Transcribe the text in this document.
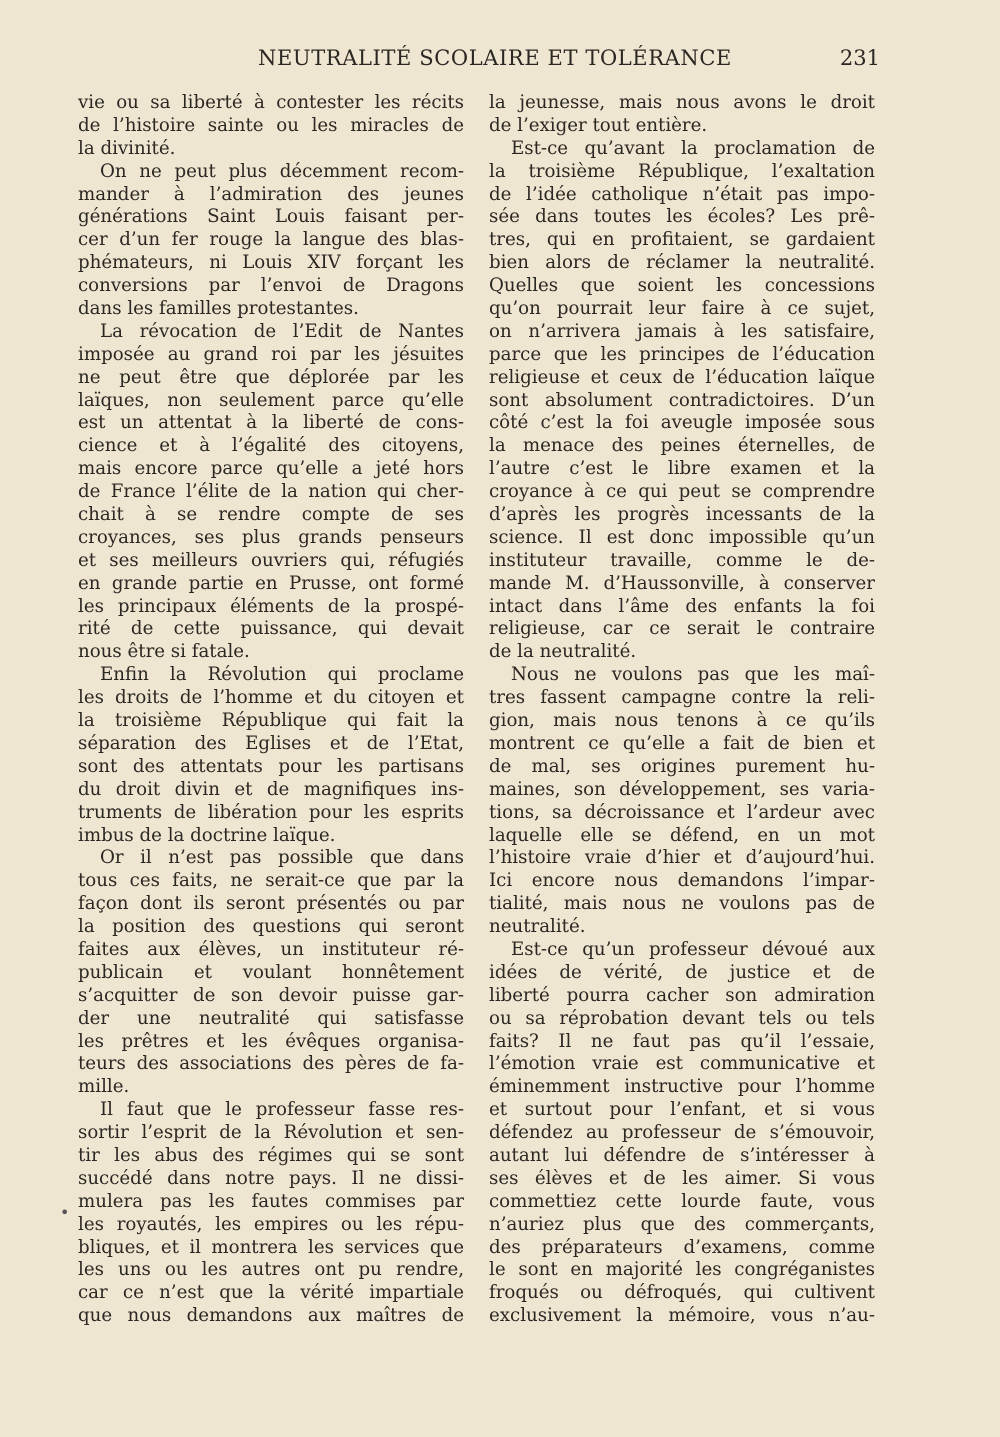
NEUTRALITÉ SCOLAIRE ET TOLÉRANCE	231
•
vie ou sa liberté à contester les récits
de l’histoire sainte ou les miracles de
la divinité.
On ne peut plus décemment recom-
mander à l’admiration des jeunes
générations Saint Louis faisant per-
cer d’un fer rouge la langue des blas-
phémateurs, ni Louis XIV forçant les
conversions par l’envoi de Dragons
dans les familles protestantes.
La révocation de l’Edit de Nantes
imposée au grand roi par les jésuites
ne peut être que déplorée par les
laïques, non seulement parce qu’elle
est un attentat à la liberté de cons-
cience et à l’égalité des citoyens,
mais encore parce qu’elle a jeté hors
de France l’élite de la nation qui cher-
chait à se rendre compte de ses
croyances, ses plus grands penseurs
et ses meilleurs ouvriers qui, réfugiés
en grande partie en Prusse, ont formé
les principaux éléments de la prospé-
rité de cette puissance, qui devait
nous être si fatale.
Enfin la Révolution qui proclame
les droits de l’homme et du citoyen et
la troisième République qui fait la
séparation des Eglises et de l’Etat,
sont des attentats pour les partisans
du droit divin et de magnifiques ins-
truments de libération pour les esprits
imbus de la doctrine laïque.
Or il n’est pas possible que dans
tous ces faits, ne serait-ce que par la
façon dont ils seront présentés ou par
la position des questions qui seront
faites aux élèves, un instituteur ré-
publicain et voulant honnêtement
s’acquitter de son devoir puisse gar-
der une neutralité qui satisfasse
les prêtres et les évêques organisa-
teurs des associations des pères de fa-
mille.
Il faut que le professeur fasse res-
sortir l’esprit de la Révolution et sen-
tir les abus des régimes qui se sont
succédé dans notre pays. Il ne dissi-
mulera pas les fautes commises par
les royautés, les empires ou les répu-
bliques, et il montrera les services que
les uns ou les autres ont pu rendre,
car ce n’est que la vérité impartiale
que nous demandons aux maîtres de
la jeunesse, mais nous avons le droit
de l’exiger tout entière.
Est-ce qu’avant la proclamation de
la troisième République, l’exaltation
de l’idée catholique n’était pas impo-
sée dans toutes les écoles? Les prê-
tres, qui en profitaient, se gardaient
bien alors de réclamer la neutralité.
Quelles que soient les concessions
qu’on pourrait leur faire à ce sujet,
on n’arrivera jamais à les satisfaire,
parce que les principes de l’éducation
religieuse et ceux de l’éducation laïque
sont absolument contradictoires. D’un
côté c’est la foi aveugle imposée sous
la menace des peines éternelles, de
l’autre c’est le libre examen et la
croyance à ce qui peut se comprendre
d’après les progrès incessants de la
science. Il est donc impossible qu’un
instituteur travaille, comme le de-
mande M. d’Haussonville, à conserver
intact dans l’âme des enfants la foi
religieuse, car ce serait le contraire
de la neutralité.
Nous ne voulons pas que les maî-
tres fassent campagne contre la reli-
gion, mais nous tenons à ce qu’ils
montrent ce qu’elle a fait de bien et
de mal, ses origines purement hu-
maines, son développement, ses varia-
tions, sa décroissance et l’ardeur avec
laquelle elle se défend, en un mot
l’histoire vraie d’hier et d’aujourd’hui.
Ici encore nous demandons l’impar-
tialité, mais nous ne voulons pas de
neutralité.
Est-ce qu’un professeur dévoué aux
idées de vérité, de justice et de
liberté pourra cacher son admiration
ou sa réprobation devant tels ou tels
faits? Il ne faut pas qu’il l’essaie,
l’émotion vraie est communicative et
éminemment instructive pour l’homme
et surtout pour l’enfant, et si vous
défendez au professeur de s’émouvoir,
autant lui défendre de s’intéresser à
ses élèves et de les aimer. Si vous
commettiez cette lourde faute, vous
n’auriez plus que des commerçants,
des préparateurs d’examens, comme
le sont en majorité les congréganistes
froqués ou défroqués, qui cultivent
exclusivement la mémoire, vous n’au-
